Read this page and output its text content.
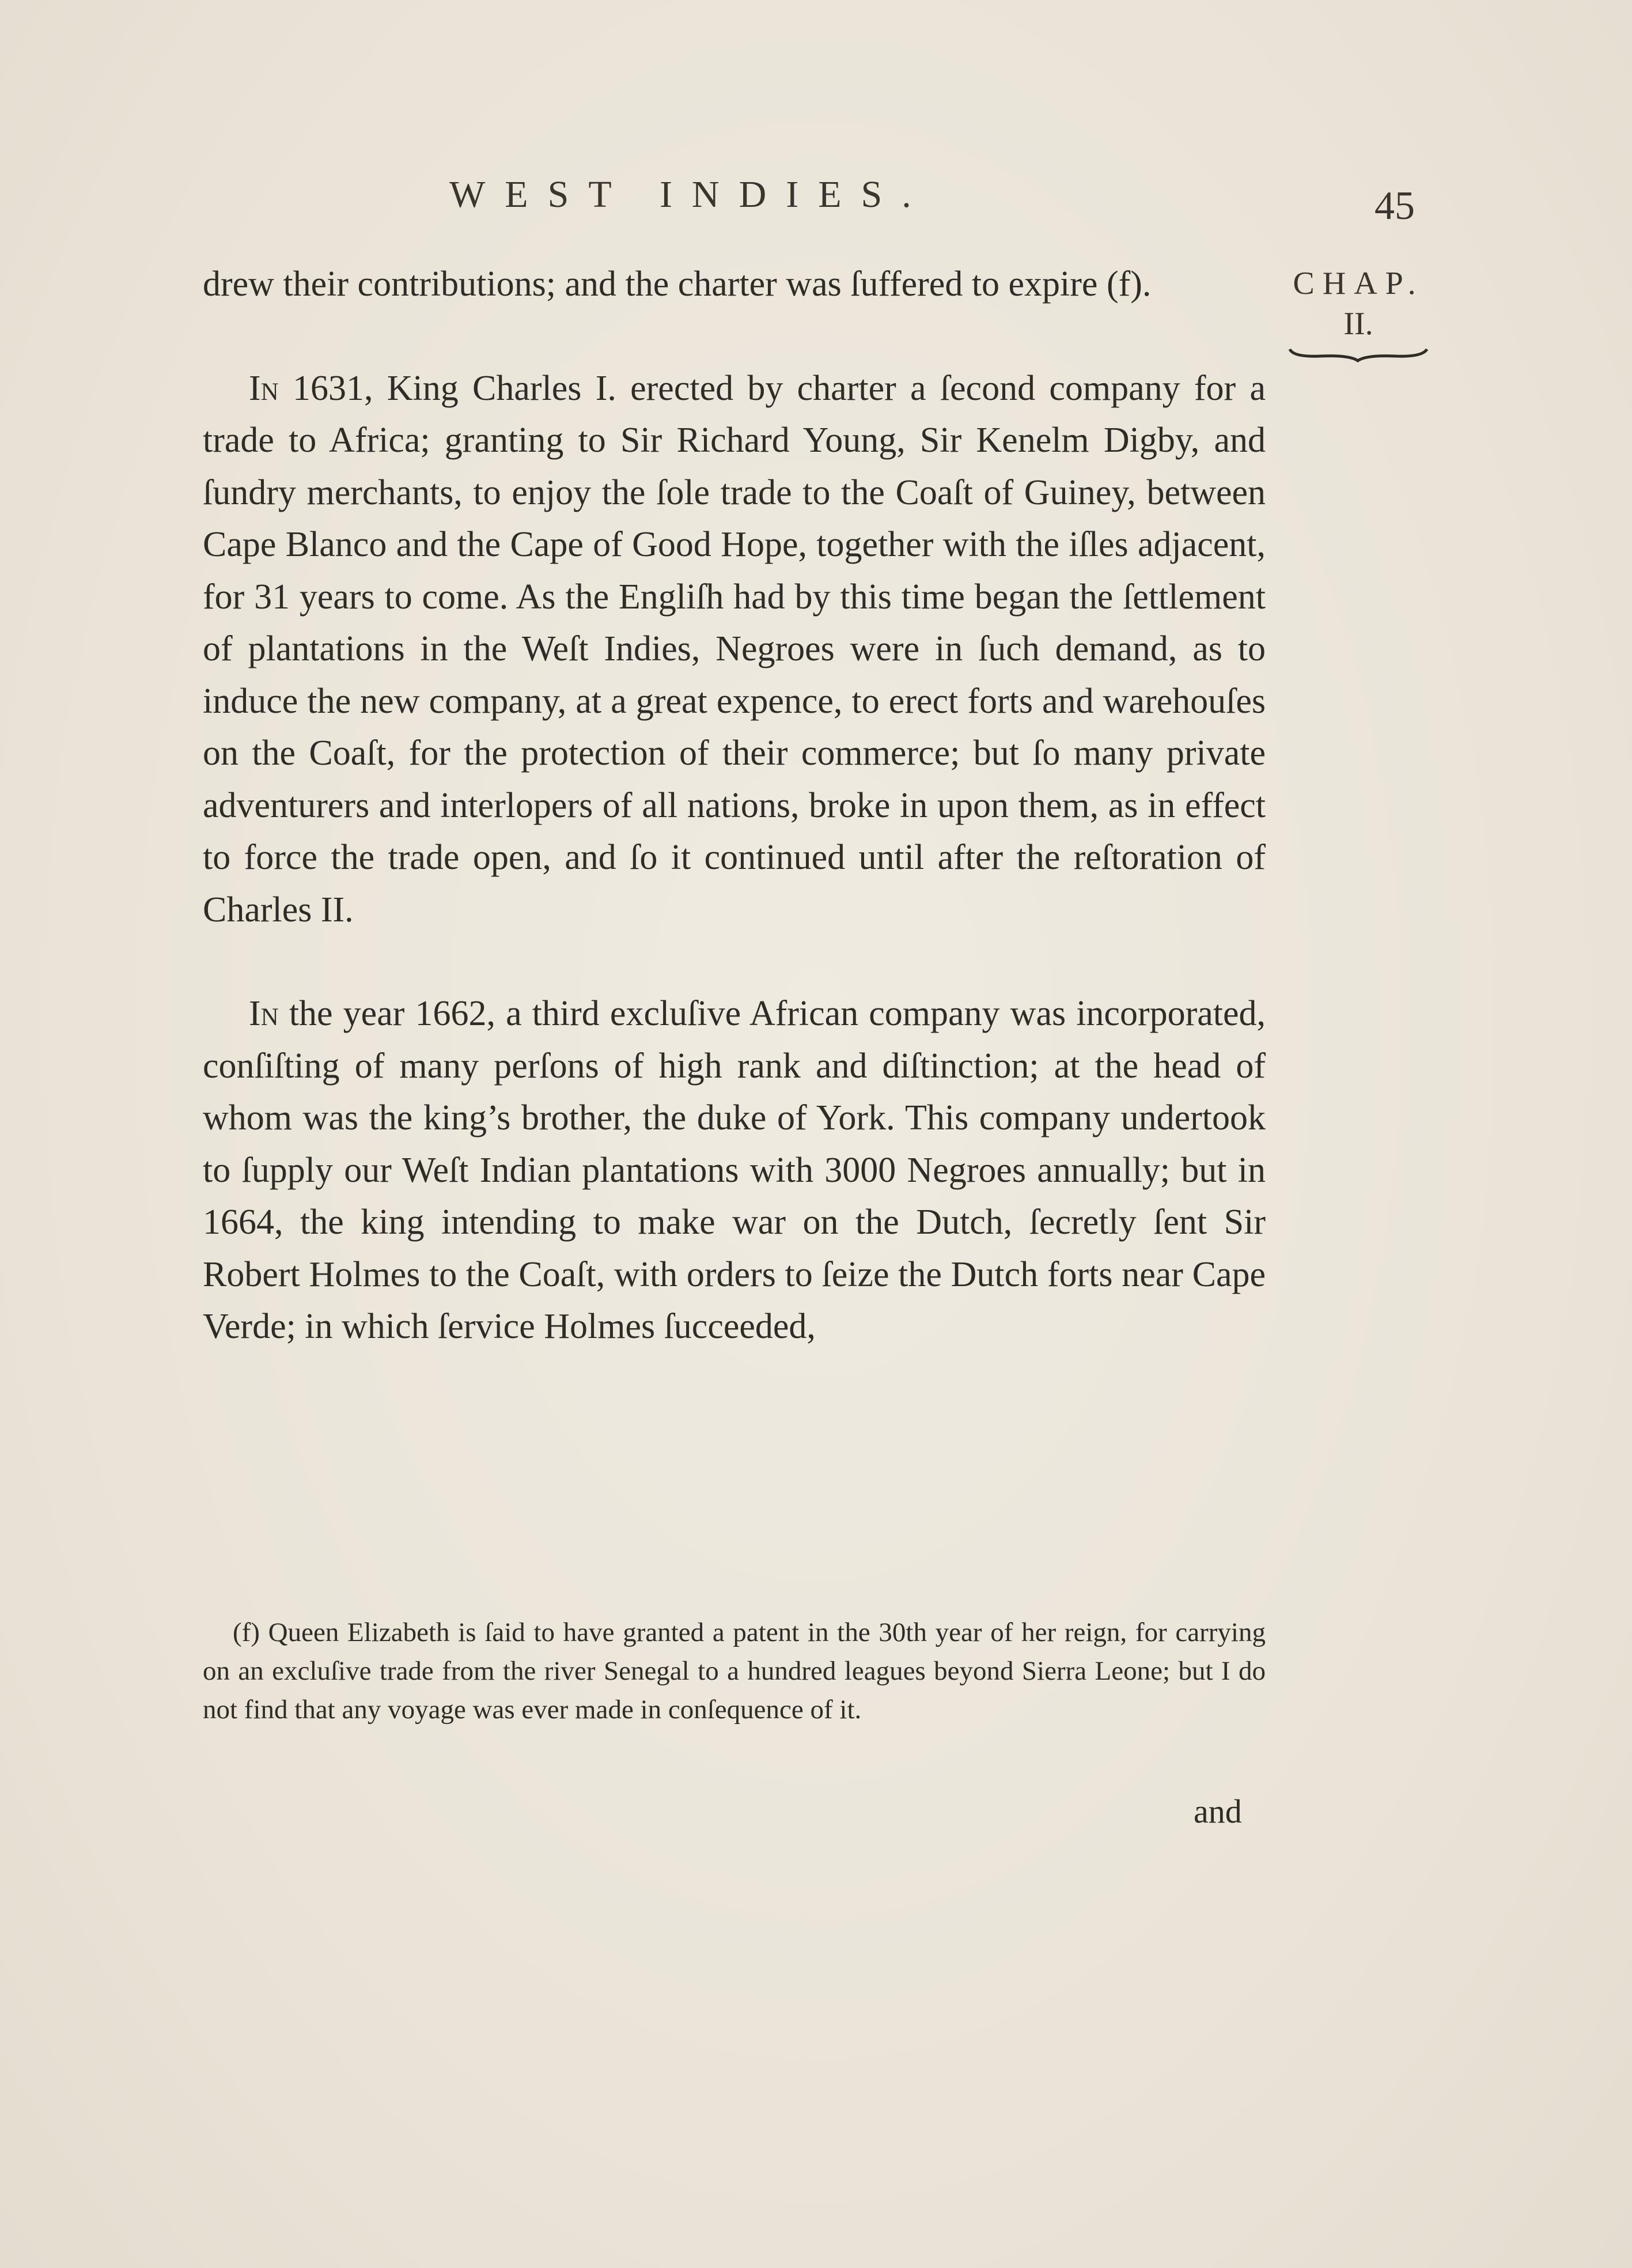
WEST INDIES.	45
CHAP.
II.

drew their contributions; and the charter was ſuffered to expire (f).

In 1631, King Charles I. erected by charter a ſecond company for a trade to Africa; granting to Sir Richard Young, Sir Kenelm Digby, and ſundry merchants, to enjoy the ſole trade to the Coaſt of Guiney, between Cape Blanco and the Cape of Good Hope, together with the iſles adjacent, for 31 years to come. As the Engliſh had by this time began the ſettlement of plantations in the Weſt Indies, Negroes were in ſuch demand, as to induce the new company, at a great expence, to erect forts and warehouſes on the Coaſt, for the protection of their commerce; but ſo many private adventurers and interlopers of all nations, broke in upon them, as in effect to force the trade open, and ſo it continued until after the reſtoration of Charles II.

In the year 1662, a third excluſive African company was incorporated, conſiſting of many perſons of high rank and diſtinction; at the head of whom was the king’s brother, the duke of York. This company undertook to ſupply our Weſt Indian plantations with 3000 Negroes annually; but in 1664, the king intending to make war on the Dutch, ſecretly ſent Sir Robert Holmes to the Coaſt, with orders to ſeize the Dutch forts near Cape Verde; in which ſervice Holmes ſucceeded,

(f) Queen Elizabeth is ſaid to have granted a patent in the 30th year of her reign, for carrying on an excluſive trade from the river Senegal to a hundred leagues beyond Sierra Leone; but I do not find that any voyage was ever made in conſequence of it.

and
